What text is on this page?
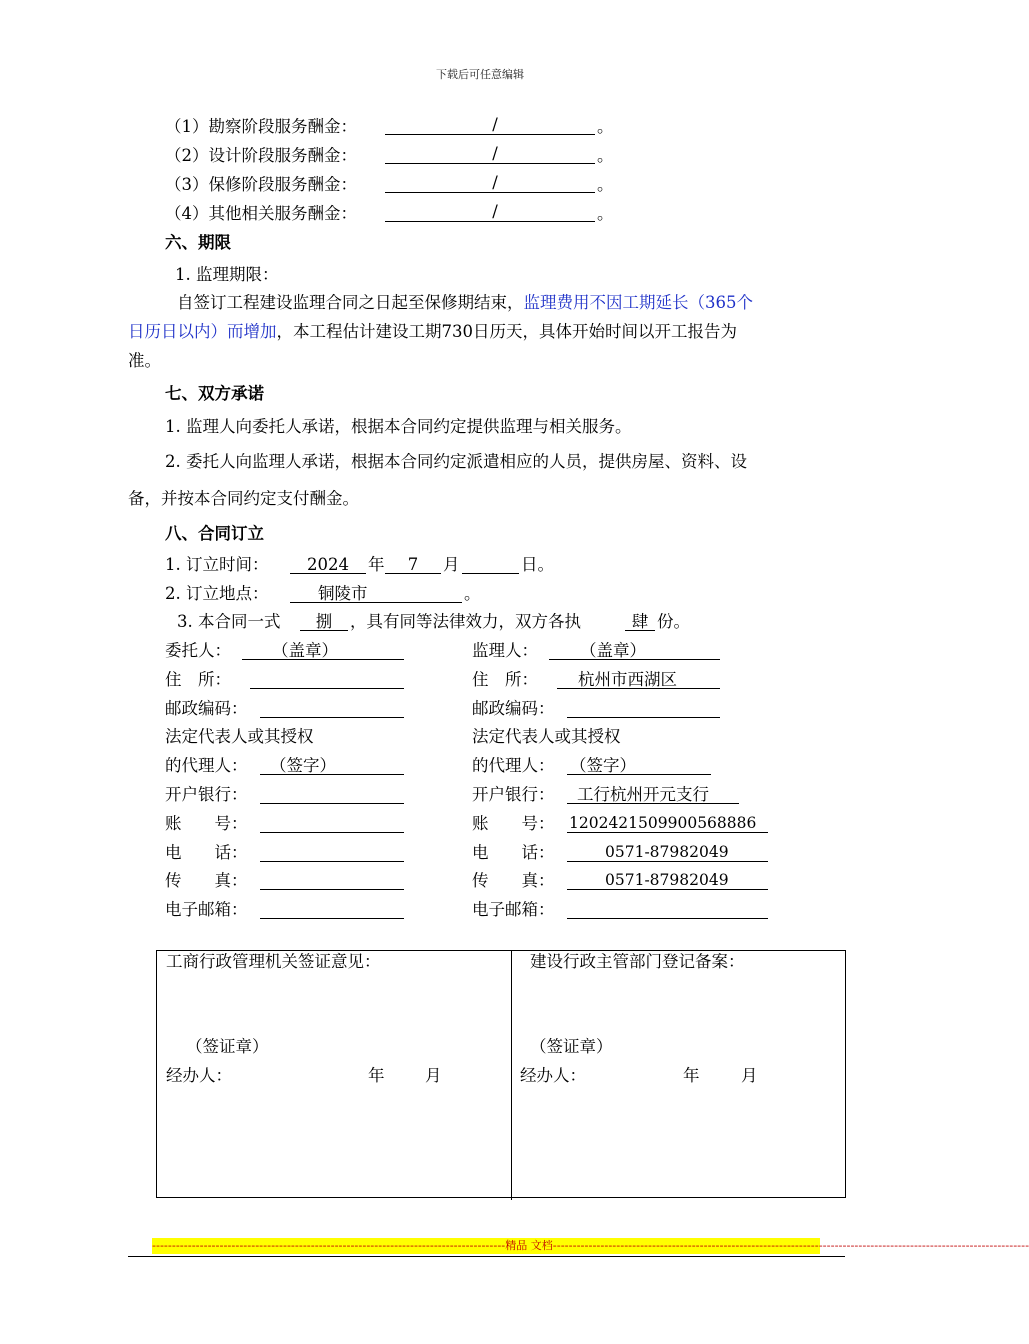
下载后可任意编辑
（1）勘察阶段服务酬金：	/	。
（2）设计阶段服务酬金：	/	。
（3）保修阶段服务酬金：	/	。
（4）其他相关服务酬金：	/	。
六、期限
1. 监理期限：
自签订工程建设监理合同之日起至保修期结束，监理费用不因工期延长（365个
日历日以内）而增加，本工程估计建设工期730日历天，具体开始时间以开工报告为
准。
七、双方承诺
1. 监理人向委托人承诺，根据本合同约定提供监理与相关服务。
2. 委托人向监理人承诺，根据本合同约定派遣相应的人员，提供房屋、资料、设
备，并按本合同约定支付酬金。
八、合同订立
1. 订立时间：	2024	年	7	月	日。
2. 订立地点：	铜陵市	。
3. 本合同一式	捌	，具有同等法律效力，双方各执	肆 份。
委托人： （盖章）
住　所：
邮政编码：
法定代表人或其授权
的代理人： （签字）
开户银行：
账　　号：
电　　话：
传　　真：
电子邮箱：
监理人：	（盖章）
住　所： 杭州市西湖区
邮政编码：
法定代表人或其授权
的代理人： （签字）
开户银行： 工行杭州开元支行
账　　号： 1202421509900568886
电　　话：	0571-87982049
传　　真：	0571-87982049
电子邮箱：
工商行政管理机关签证意见：
（签证章）
经办人：	年 月
建设行政主管部门登记备案：
（签证章）
经办人：	年	月
-----------------------------------------------------------------------------------------精品 文档------------------------------------------------------------------------------------------------------------------------
